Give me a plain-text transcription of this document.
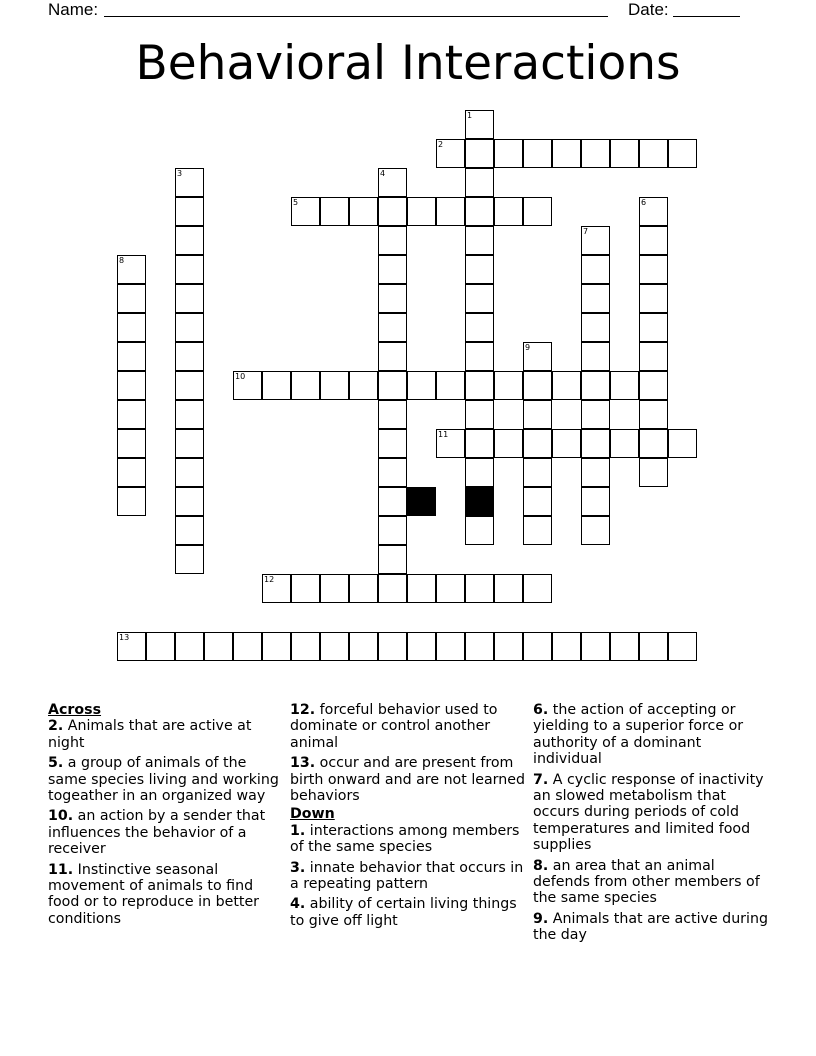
Name:	Date:
Behavioral Interactions
1
2
3	4
5	6
7
8
9
10
11
12
13
Across
2. Animals that are active at night
5. a group of animals of the same species living and working togeather in an organized way
10. an action by a sender that influences the behavior of a receiver
11. Instinctive seasonal movement of animals to find food or to reproduce in better conditions
12. forceful behavior used to dominate or control another animal
13. occur and are present from birth onward and are not learned behaviors
Down
1. interactions among members of the same species
3. innate behavior that occurs in a repeating pattern
4. ability of certain living things to give off light
6. the action of accepting or yielding to a superior force or authority of a dominant individual
7. A cyclic response of inactivity an slowed metabolism that occurs during periods of cold temperatures and limited food supplies
8. an area that an animal defends from other members of the same species
9. Animals that are active during the day
